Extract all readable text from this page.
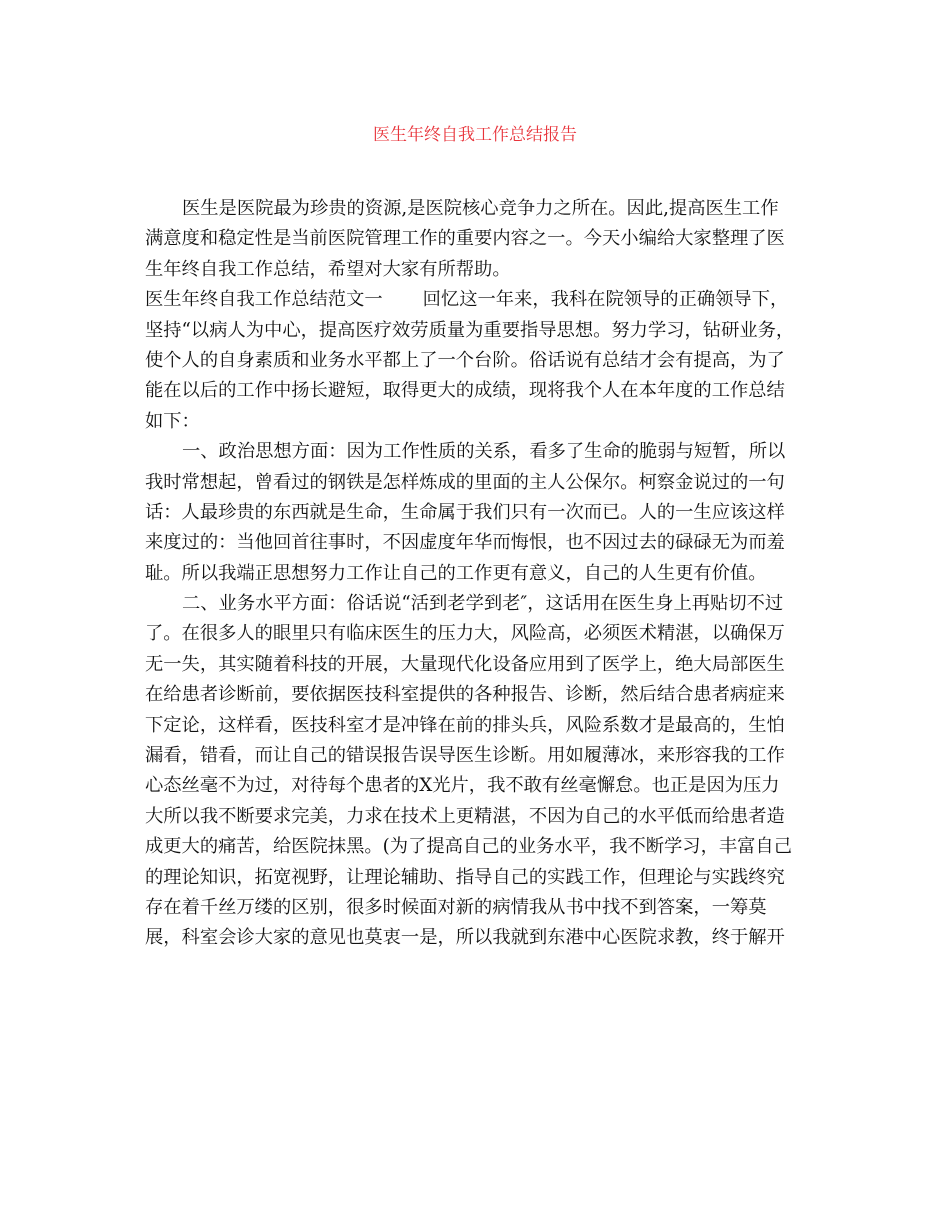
医生年终自我工作总结报告
医生是医院最为珍贵的资源,是医院核心竞争力之所在。因此,提高医生工作
满意度和稳定性是当前医院管理工作的重要内容之一。今天小编给大家整理了医
生年终自我工作总结，希望对大家有所帮助。
医生年终自我工作总结范文一 回忆这一年来，我科在院领导的正确领导下，
坚持“以病人为中心，提高医疗效劳质量为重要指导思想。努力学习，钻研业务，
使个人的自身素质和业务水平都上了一个台阶。俗话说有总结才会有提高，为了
能在以后的工作中扬长避短，取得更大的成绩，现将我个人在本年度的工作总结
如下：
一、政治思想方面：因为工作性质的关系，看多了生命的脆弱与短暂，所以
我时常想起，曾看过的钢铁是怎样炼成的里面的主人公保尔。柯察金说过的一句
话：人最珍贵的东西就是生命，生命属于我们只有一次而已。人的一生应该这样
来度过的：当他回首往事时，不因虚度年华而悔恨，也不因过去的碌碌无为而羞
耻。所以我端正思想努力工作让自己的工作更有意义，自己的人生更有价值。
二、业务水平方面：俗话说“活到老学到老″，这话用在医生身上再贴切不过
了。在很多人的眼里只有临床医生的压力大，风险高，必须医术精湛，以确保万
无一失，其实随着科技的开展，大量现代化设备应用到了医学上，绝大局部医生
在给患者诊断前，要依据医技科室提供的各种报告、诊断，然后结合患者病症来
下定论，这样看，医技科室才是冲锋在前的排头兵，风险系数才是最高的，生怕
漏看，错看，而让自己的错误报告误导医生诊断。用如履薄冰，来形容我的工作
心态丝毫不为过，对待每个患者的X光片，我不敢有丝毫懈怠。也正是因为压力
大所以我不断要求完美，力求在技术上更精湛，不因为自己的水平低而给患者造
成更大的痛苦，给医院抹黑。(为了提高自己的业务水平，我不断学习，丰富自己
的理论知识，拓宽视野，让理论辅助、指导自己的实践工作，但理论与实践终究
存在着千丝万缕的区别，很多时候面对新的病情我从书中找不到答案，一筹莫
展，科室会诊大家的意见也莫衷一是，所以我就到东港中心医院求教，终于解开
